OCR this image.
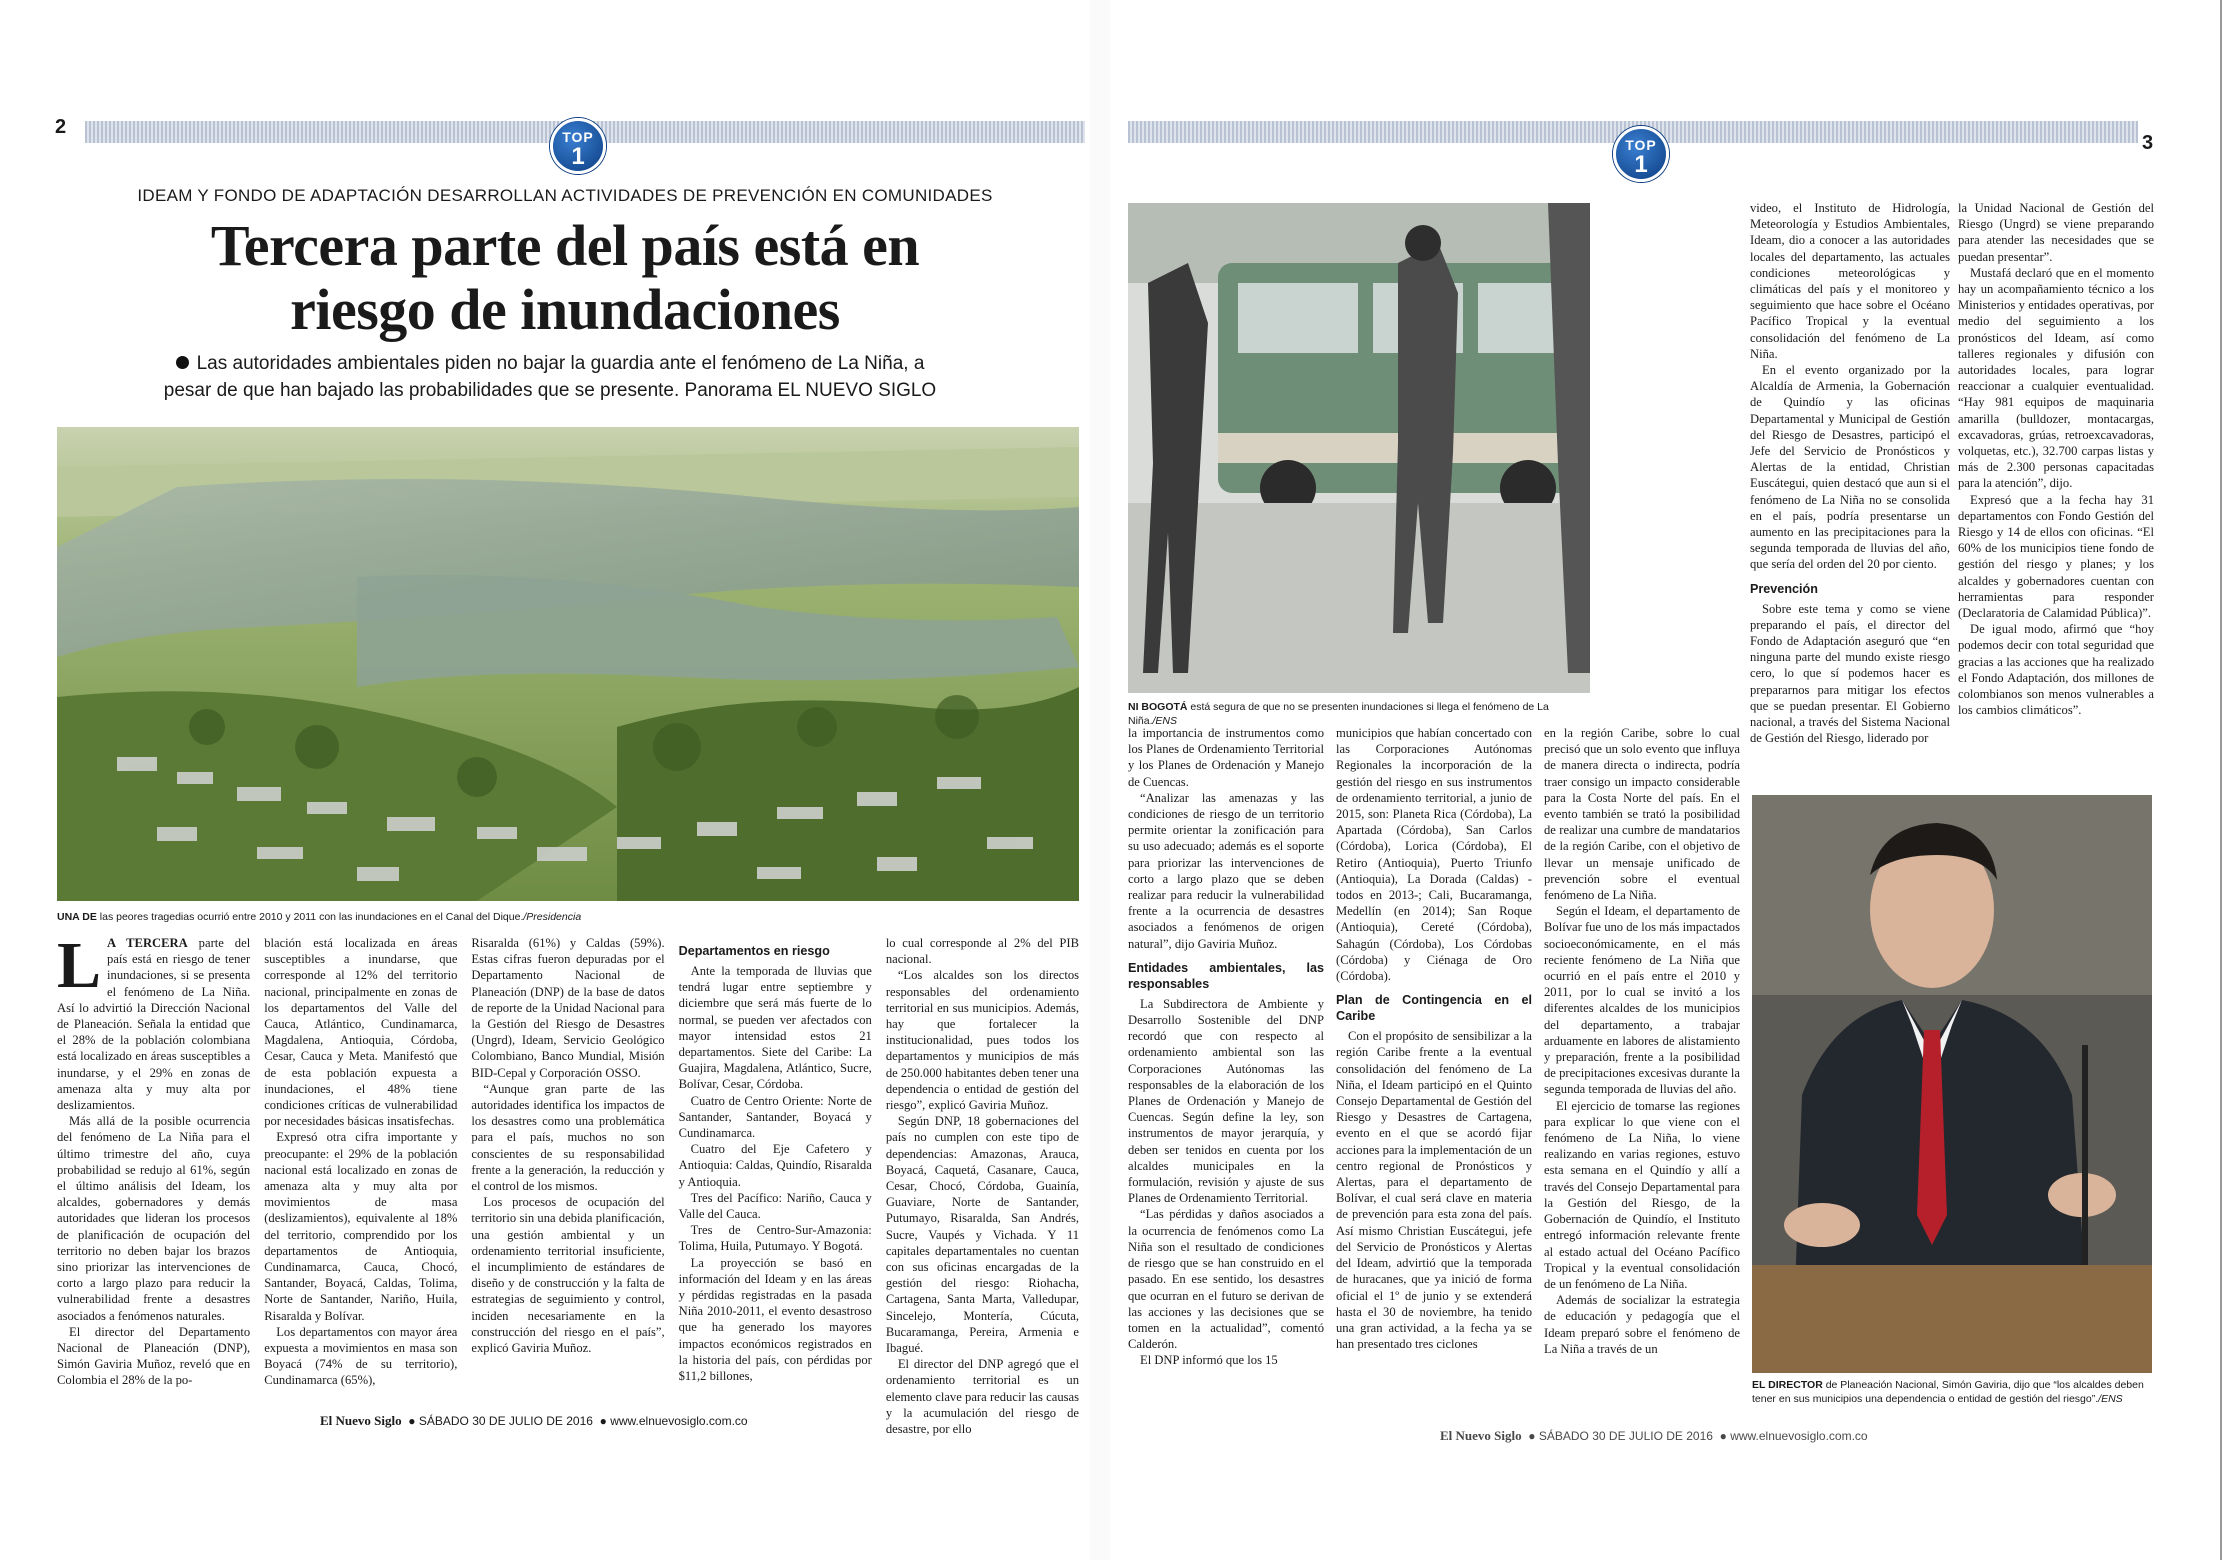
2	TOP
1
IDEAM Y FONDO DE ADAPTACIÓN DESARROLLAN ACTIVIDADES DE PREVENCIÓN EN COMUNIDADES
Tercera parte del país está en
riesgo de inundaciones
Las autoridades ambientales piden no bajar la guardia ante el fenómeno de La Niña, a pesar de que han bajado las probabilidades que se presente. Panorama EL NUEVO SIGLO
UNA DE las peores tragedias ocurrió entre 2010 y 2011 con las inundaciones en el Canal del Dique./Presidencia
L A TERCERA parte del país está en riesgo de tener inundaciones, si se presenta el fenómeno de La Niña. Así lo advirtió la Dirección Nacional de Planeación. Señala la entidad que el 28% de la población colombiana está localizado en áreas susceptibles a inundarse, y el 29% en zonas de amenaza alta y muy alta por deslizamientos.

Más allá de la posible ocurrencia del fenómeno de La Niña para el último trimestre del año, cuya probabilidad se redujo al 61%, según el último análisis del Ideam, los alcaldes, gobernadores y demás autoridades que lideran los procesos de planificación de ocupación del territorio no deben bajar los brazos sino priorizar las intervenciones de corto a largo plazo para reducir la vulnerabilidad frente a desastres asociados a fenómenos naturales.

El director del Departamento Nacional de Planeación (DNP), Simón Gaviria Muñoz, reveló que en Colombia el 28% de la po-

blación está localizada en áreas susceptibles a inundarse, que corresponde al 12% del territorio nacional, principalmente en zonas de los departamentos del Valle del Cauca, Atlántico, Cundinamarca, Magdalena, Antioquia, Córdoba, Cesar, Cauca y Meta. Manifestó que de esta población expuesta a inundaciones, el 48% tiene condiciones críticas de vulnerabilidad por necesidades básicas insatisfechas.

Expresó otra cifra importante y preocupante: el 29% de la población nacional está localizado en zonas de amenaza alta y muy alta por movimientos de masa (deslizamientos), equivalente al 18% del territorio, comprendido por los departamentos de Antioquia, Cundinamarca, Cauca, Chocó, Santander, Boyacá, Caldas, Tolima, Norte de Santander, Nariño, Huila, Risaralda y Bolívar.

Los departamentos con mayor área expuesta a movimientos en masa son Boyacá (74% de su territorio), Cundinamarca (65%),

Risaralda (61%) y Caldas (59%). Estas cifras fueron depuradas por el Departamento Nacional de Planeación (DNP) de la base de datos de reporte de la Unidad Nacional para la Gestión del Riesgo de Desastres (Ungrd), Ideam, Servicio Geológico Colombiano, Banco Mundial, Misión BID-Cepal y Corporación OSSO.

“Aunque gran parte de las autoridades identifica los impactos de los desastres como una problemática para el país, muchos no son conscientes de su responsabilidad frente a la generación, la reducción y el control de los mismos.

Los procesos de ocupación del territorio sin una debida planificación, una gestión ambiental y un ordenamiento territorial insuficiente, el incumplimiento de estándares de diseño y de construcción y la falta de estrategias de seguimiento y control, inciden necesariamente en la construcción del riesgo en el país”, explicó Gaviria Muñoz.

Departamentos en riesgo

Ante la temporada de lluvias que tendrá lugar entre septiembre y diciembre que será más fuerte de lo normal, se pueden ver afectados con mayor intensidad estos 21 departamentos. Siete del Caribe: La Guajira, Magdalena, Atlántico, Sucre, Bolívar, Cesar, Córdoba.

Cuatro de Centro Oriente: Norte de Santander, Santander, Boyacá y Cundinamarca.

Cuatro del Eje Cafetero y Antioquia: Caldas, Quindío, Risaralda y Antioquia.

Tres del Pacífico: Nariño, Cauca y Valle del Cauca.

Tres de Centro-Sur-Amazonia: Tolima, Huila, Putumayo. Y Bogotá.

La proyección se basó en información del Ideam y en las áreas y pérdidas registradas en la pasada Niña 2010-2011, el evento desastroso que ha generado los mayores impactos económicos registrados en la historia del país, con pérdidas por $11,2 billones,

lo cual corresponde al 2% del PIB nacional.

“Los alcaldes son los directos responsables del ordenamiento territorial en sus municipios. Además, hay que fortalecer la institucionalidad, pues todos los departamentos y municipios de más de 250.000 habitantes deben tener una dependencia o entidad de gestión del riesgo”, explicó Gaviria Muñoz.

Según DNP, 18 gobernaciones del país no cumplen con este tipo de dependencias: Amazonas, Arauca, Boyacá, Caquetá, Casanare, Cauca, Cesar, Chocó, Córdoba, Guainía, Guaviare, Norte de Santander, Putumayo, Risaralda, San Andrés, Sucre, Vaupés y Vichada. Y 11 capitales departamentales no cuentan con sus oficinas encargadas de la gestión del riesgo: Riohacha, Cartagena, Santa Marta, Valledupar, Sincelejo, Montería, Cúcuta, Bucaramanga, Pereira, Armenia e Ibagué.

El director del DNP agregó que el ordenamiento territorial es un elemento clave para reducir las causas y la acumulación del riesgo de desastre, por ello

El Nuevo Siglo  ● SÁBADO 30 DE JULIO DE 2016  ● www.elnuevosiglo.com.co
3
TOP
1
NI BOGOTÁ está segura de que no se presenten inundaciones si llega el fenómeno de La Niña./ENS

video, el Instituto de Hidrología, Meteorología y Estudios Ambientales, Ideam, dio a conocer a las autoridades locales del departamento, las actuales condiciones meteorológicas y climáticas del país y el monitoreo y seguimiento que hace sobre el Océano Pacífico Tropical y la eventual consolidación del fenómeno de La Niña.

En el evento organizado por la Alcaldía de Armenia, la Gobernación de Quindío y las oficinas Departamental y Municipal de Gestión del Riesgo de Desastres, participó el Jefe del Servicio de Pronósticos y Alertas de la entidad, Christian Euscátegui, quien destacó que aun si el fenómeno de La Niña no se consolida en el país, podría presentarse un aumento en las precipitaciones para la segunda temporada de lluvias del año, que sería del orden del 20 por ciento.

Prevención

Sobre este tema y como se viene preparando el país, el director del Fondo de Adaptación aseguró que “en ninguna parte del mundo existe riesgo cero, lo que sí podemos hacer es prepararnos para mitigar los efectos que se puedan presentar. El Gobierno nacional, a través del Sistema Nacional de Gestión del Riesgo, liderado por

la Unidad Nacional de Gestión del Riesgo (Ungrd) se viene preparando para atender las necesidades que se puedan presentar”.

Mustafá declaró que en el momento hay un acompañamiento técnico a los Ministerios y entidades operativas, por medio del seguimiento a los pronósticos del Ideam, así como talleres regionales y difusión con autoridades locales, para lograr reaccionar a cualquier eventualidad. “Hay 981 equipos de maquinaria amarilla (bulldozer, montacargas, excavadoras, grúas, retroexcavadoras, volquetas, etc.), 32.700 carpas listas y más de 2.300 personas capacitadas para la atención”, dijo.

Expresó que a la fecha hay 31 departamentos con Fondo Gestión del Riesgo y 14 de ellos con oficinas. “El 60% de los municipios tiene fondo de gestión del riesgo y planes; y los alcaldes y gobernadores cuentan con herramientas para responder (Declaratoria de Calamidad Pública)”.

De igual modo, afirmó que “hoy podemos decir con total seguridad que gracias a las acciones que ha realizado el Fondo Adaptación, dos millones de colombianos son menos vulnerables a los cambios climáticos”.

la importancia de instrumentos como los Planes de Ordenamiento Territorial y los Planes de Ordenación y Manejo de Cuencas.

“Analizar las amenazas y las condiciones de riesgo de un territorio permite orientar la zonificación para su uso adecuado; además es el soporte para priorizar las intervenciones de corto a largo plazo que se deben realizar para reducir la vulnerabilidad frente a la ocurrencia de desastres asociados a fenómenos de origen natural”, dijo Gaviria Muñoz.

Entidades ambientales, las responsables

La Subdirectora de Ambiente y Desarrollo Sostenible del DNP recordó que con respecto al ordenamiento ambiental son las Corporaciones Autónomas las responsables de la elaboración de los Planes de Ordenación y Manejo de Cuencas. Según define la ley, son instrumentos de mayor jerarquía, y deben ser tenidos en cuenta por los alcaldes municipales en la formulación, revisión y ajuste de sus Planes de Ordenamiento Territorial.

“Las pérdidas y daños asociados a la ocurrencia de fenómenos como La Niña son el resultado de condiciones de riesgo que se han construido en el pasado. En ese sentido, los desastres que ocurran en el futuro se derivan de las acciones y las decisiones que se tomen en la actualidad”, comentó Calderón.

El DNP informó que los 15

municipios que habían concertado con las Corporaciones Autónomas Regionales la incorporación de la gestión del riesgo en sus instrumentos de ordenamiento territorial, a junio de 2015, son: Planeta Rica (Córdoba), La Apartada (Córdoba), San Carlos (Córdoba), Lorica (Córdoba), El Retiro (Antioquia), Puerto Triunfo (Antioquia), La Dorada (Caldas) -todos en 2013-; Cali, Bucaramanga, Medellín (en 2014); San Roque (Antioquia), Cereté (Córdoba), Sahagún (Córdoba), Los Córdobas (Córdoba) y Ciénaga de Oro (Córdoba).

Plan de Contingencia en el Caribe

Con el propósito de sensibilizar a la región Caribe frente a la eventual consolidación del fenómeno de La Niña, el Ideam participó en el Quinto Consejo Departamental de Gestión del Riesgo y Desastres de Cartagena, evento en el que se acordó fijar acciones para la implementación de un centro regional de Pronósticos y Alertas, para el departamento de Bolívar, el cual será clave en materia de prevención para esta zona del país. Así mismo Christian Euscátegui, jefe del Servicio de Pronósticos y Alertas del Ideam, advirtió que la temporada de huracanes, que ya inició de forma oficial el 1º de junio y se extenderá hasta el 30 de noviembre, ha tenido una gran actividad, a la fecha ya se han presentado tres ciclones

en la región Caribe, sobre lo cual precisó que un solo evento que influya de manera directa o indirecta, podría traer consigo un impacto considerable para la Costa Norte del país. En el evento también se trató la posibilidad de realizar una cumbre de mandatarios de la región Caribe, con el objetivo de llevar un mensaje unificado de prevención sobre el eventual fenómeno de La Niña.

Según el Ideam, el departamento de Bolívar fue uno de los más impactados socioeconómicamente, en el más reciente fenómeno de La Niña que ocurrió en el país entre el 2010 y 2011, por lo cual se invitó a los diferentes alcaldes de los municipios del departamento, a trabajar arduamente en labores de alistamiento y preparación, frente a la posibilidad de precipitaciones excesivas durante la segunda temporada de lluvias del año.

El ejercicio de tomarse las regiones para explicar lo que viene con el fenómeno de La Niña, lo viene realizando en varias regiones, estuvo esta semana en el Quindío y allí a través del Consejo Departamental para la Gestión del Riesgo, de la Gobernación de Quindío, el Instituto entregó información relevante frente al estado actual del Océano Pacífico Tropical y la eventual consolidación de un fenómeno de La Niña.

Además de socializar la estrategia de educación y pedagogía que el Ideam preparó sobre el fenómeno de La Niña a través de un

EL DIRECTOR de Planeación Nacional, Simón Gaviria, dijo que “los alcaldes deben tener en sus municipios una dependencia o entidad de gestión del riesgo”./ENS
El Nuevo Siglo  ● SÁBADO 30 DE JULIO DE 2016  ● www.elnuevosiglo.com.co
